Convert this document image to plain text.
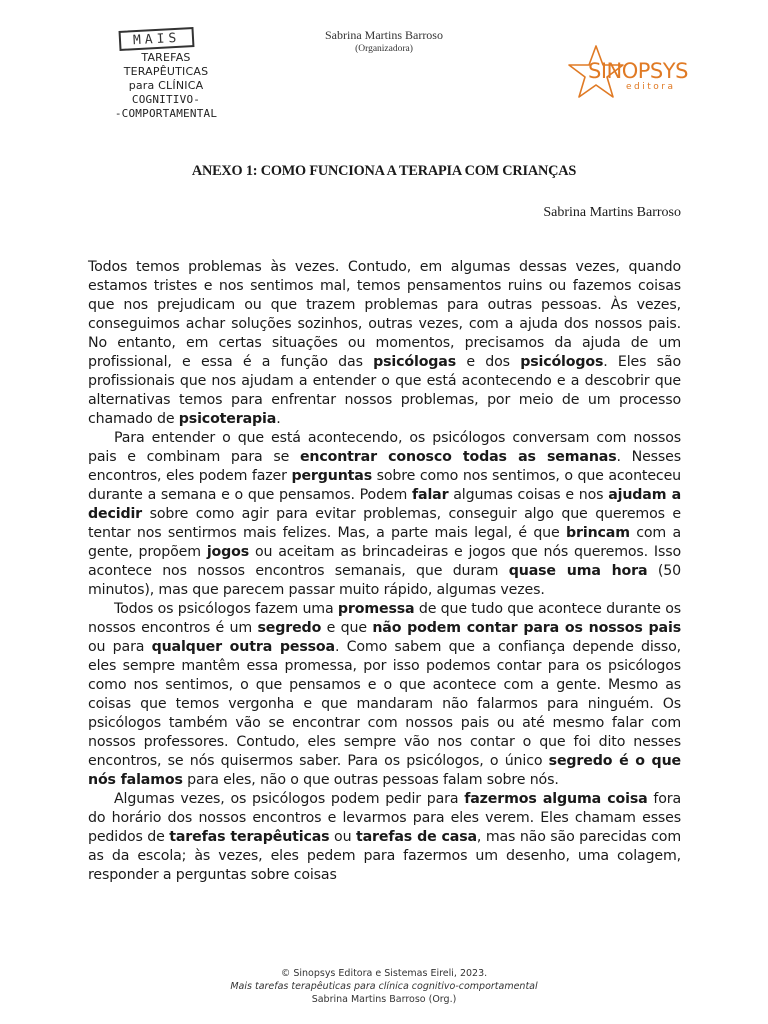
MAIS
TAREFAS
TERAPÊUTICAS
para CLÍNICA
COGNITIVO-
-COMPORTAMENTAL
Sabrina Martins Barroso
(Organizadora)
SINOPSYS
editora
ANEXO 1: COMO FUNCIONA A TERAPIA COM CRIANÇAS
Sabrina Martins Barroso

Todos temos problemas às vezes. Contudo, em algumas dessas vezes, quando estamos tristes e nos sentimos mal, temos pensamentos ruins ou fazemos coisas que nos prejudicam ou que trazem problemas para outras pessoas. Às vezes, conseguimos achar soluções sozinhos, outras vezes, com a ajuda dos nossos pais. No entanto, em certas situações ou momentos, precisamos da ajuda de um profissional, e essa é a função das psicólogas e dos psicólogos. Eles são profissionais que nos ajudam a entender o que está acontecendo e a descobrir que alternativas temos para enfrentar nossos problemas, por meio de um processo chamado de psicoterapia.

Para entender o que está acontecendo, os psicólogos conversam com nossos pais e combinam para se encontrar conosco todas as semanas. Nesses encontros, eles podem fazer perguntas sobre como nos sentimos, o que aconteceu durante a semana e o que pensamos. Podem falar algumas coisas e nos ajudam a decidir sobre como agir para evitar problemas, conseguir algo que queremos e tentar nos sentirmos mais felizes. Mas, a parte mais legal, é que brincam com a gente, propõem jogos ou aceitam as brincadeiras e jogos que nós queremos. Isso acontece nos nossos encontros semanais, que duram quase uma hora (50 minutos), mas que parecem passar muito rápido, algumas vezes.

Todos os psicólogos fazem uma promessa de que tudo que acontece durante os nossos encontros é um segredo e que não podem contar para os nossos pais ou para qualquer outra pessoa. Como sabem que a confiança depende disso, eles sempre mantêm essa promessa, por isso podemos contar para os psicólogos como nos sentimos, o que pensamos e o que acontece com a gente. Mesmo as coisas que temos vergonha e que mandaram não falarmos para ninguém. Os psicólogos também vão se encontrar com nossos pais ou até mesmo falar com nossos professores. Contudo, eles sempre vão nos contar o que foi dito nesses encontros, se nós quisermos saber. Para os psicólogos, o único segredo é o que nós falamos para eles, não o que outras pessoas falam sobre nós.

Algumas vezes, os psicólogos podem pedir para fazermos alguma coisa fora do horário dos nossos encontros e levarmos para eles verem. Eles chamam esses pedidos de tarefas terapêuticas ou tarefas de casa, mas não são parecidas com as da escola; às vezes, eles pedem para fazermos um desenho, uma colagem, responder a perguntas sobre coisas

© Sinopsys Editora e Sistemas Eireli, 2023.
Mais tarefas terapêuticas para clínica cognitivo-comportamental
Sabrina Martins Barroso (Org.)
